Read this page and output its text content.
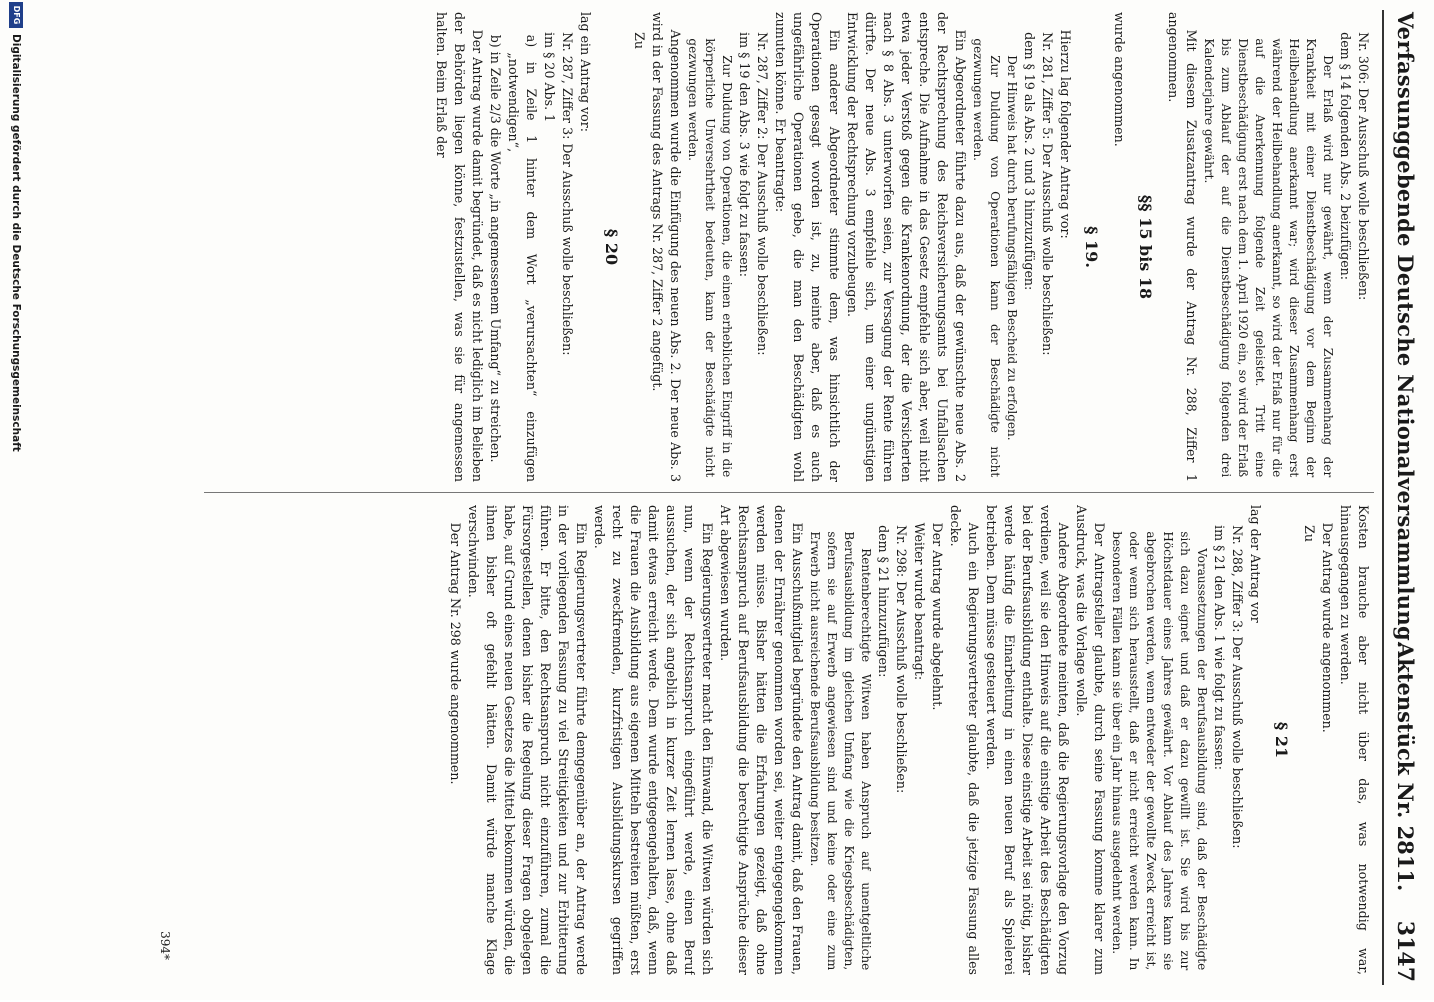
Verfassunggebende Deutsche Nationalversammlung.
Aktenstück Nr. 2811.
3147

Nr. 306: Der Ausschuß wolle beschließen:

dem § 14 folgenden Abs. 2 beizufügen:

Der Erlaß wird nur gewährt, wenn der Zusammenhang der Krankheit mit einer Dienstbeschädigung vor dem Beginn der Heilbehandlung anerkannt war; wird dieser Zusammenhang erst während der Heilbehandlung anerkannt, so wird der Erlaß nur für die auf die Anerkennung folgende Zeit geleistet. Tritt eine Dienstbeschädigung erst nach dem 1. April 1920 ein, so wird der Erlaß bis zum Ablauf der auf die Dienstbeschädigung folgenden drei Kalenderjahre gewährt.

Mit diesem Zusatzantrag wurde der Antrag Nr. 288, Ziffer 1 angenommen.

§§ 15 bis 18

wurde angenommen.

§ 19.

Hierzu lag folgender Antrag vor:

Nr. 281, Ziffer 5: Der Ausschuß wolle beschließen:

dem § 19 als Abs. 2 und 3 hinzuzufügen:

Der Hinweis hat durch berufungsfähigen Bescheid zu erfolgen.

Zur Duldung von Operationen kann der Beschädigte nicht gezwungen werden.

Ein Abgeordneter führte dazu aus, daß der gewünschte neue Abs. 2 der Rechtsprechung des Reichsversicherungsamts bei Unfallsachen entspreche. Die Aufnahme in das Gesetz empfehle sich aber, weil nicht etwa jeder Verstoß gegen die Krankenordnung, der die Versicherten nach § 8 Abs. 3 unterworfen seien, zur Versagung der Rente führen dürfte. Der neue Abs. 3 empfehle sich, um einer ungünstigen Entwicklung der Rechtsprechung vorzubeugen.

Ein anderer Abgeordneter stimmte dem, was hinsichtlich der Operationen gesagt worden ist, zu, meinte aber, daß es auch ungefährliche Operationen gebe, die man den Beschädigten wohl zumuten könne. Er beantragte:

Nr. 287, Ziffer 2: Der Ausschuß wolle beschließen:

im § 19 den Abs. 3 wie folgt zu fassen:

Zur Duldung von Operationen, die einen erheblichen Eingriff in die körperliche Unversehrtheit bedeuten, kann der Beschädigte nicht gezwungen werden.

Angenommen wurde die Einfügung des neuen Abs. 2. Der neue Abs. 3 wird in der Fassung des Antrags Nr. 287, Ziffer 2 angefügt.

Zu

§ 20

lag ein Antrag vor:

Nr. 287, Ziffer 3: Der Ausschuß wolle beschließen:

im § 20 Abs. 1

a) in Zeile 1 hinter dem Wort „verursachten“ einzufügen „notwendigen“,

b) in Zeile 2/3 die Worte „in angemessenem Umfang“ zu streichen.

Der Antrag wurde damit begründet, daß es nicht lediglich im Belieben der Behörden liegen könne, festzustellen, was sie für angemessen halten. Beim Erlaß der

Kosten brauche aber nicht über das, was notwendig war, hinausgegangen zu werden.

Der Antrag wurde angenommen.

Zu

§ 21

lag der Antrag vor

Nr. 288, Ziffer 3: Der Ausschuß wolle beschließen:

im § 21 den Abs. 1 wie folgt zu fassen:

Voraussetzungen der Berufsausbildung sind, daß der Beschädigte sich dazu eignet und daß er dazu gewillt ist. Sie wird bis zur Höchstdauer eines Jahres gewährt. Vor Ablauf des Jahres kann sie abgebrochen werden, wenn entweder der gewollte Zweck erreicht ist, oder wenn sich herausstellt, daß er nicht erreicht werden kann. In besonderen Fällen kann sie über ein Jahr hinaus ausgedehnt werden.

Der Antragsteller glaubte, durch seine Fassung komme klarer zum Ausdruck, was die Vorlage wolle.

Andere Abgeordnete meinten, daß die Regierungsvorlage den Vorzug verdiene, weil sie den Hinweis auf die einstige Arbeit des Beschädigten bei der Berufsausbildung enthalte. Diese einstige Arbeit sei nötig, bisher werde häufig die Einarbeitung in einen neuen Beruf als Spielerei betrieben. Dem müsse gesteuert werden.

Auch ein Regierungsvertreter glaubte, daß die jetzige Fassung alles decke.

Der Antrag wurde abgelehnt.

Weiter wurde beantragt:

Nr. 298: Der Ausschuß wolle beschließen:

dem § 21 hinzuzufügen:

Rentenberechtigte Witwen haben Anspruch auf unentgeltliche Berufsausbildung im gleichen Umfang wie die Kriegsbeschädigten, sofern sie auf Erwerb angewiesen sind und keine oder eine zum Erwerb nicht ausreichende Berufsausbildung besitzen.

Ein Ausschußmitglied begründete den Antrag damit, daß den Frauen, denen der Ernährer genommen worden sei, weiter entgegengekommen werden müsse. Bisher hätten die Erfahrungen gezeigt, daß ohne Rechtsanspruch auf Berufsausbildung die berechtigte Ansprüche dieser Art abgewiesen wurden.

Ein Regierungsvertreter macht den Einwand, die Witwen würden sich nun, wenn der Rechtsanspruch eingeführt werde, einen Beruf aussuchen, der sich angeblich in kurzer Zeit lernen lasse, ohne daß damit etwas erreicht werde. Dem wurde entgegengehalten, daß, wenn die Frauen die Ausbildung aus eigenen Mitteln bestreiten müßten, erst recht zu zweckfremden, kurzfristigen Ausbildungskursen gegriffen werde.

Ein Regierungsvertreter führte demgegenüber an, der Antrag werde in der vorliegenden Fassung zu viel Streitigkeiten und zur Erbitterung führen. Er bitte, den Rechtsanspruch nicht einzuführen, zumal die Fürsorgestellen, denen bisher die Regelung dieser Fragen obgelegen habe, auf Grund eines neuen Gesetzes die Mittel bekommen würden, die ihnen bisher oft gefehlt hätten. Damit würde manche Klage verschwinden.

Der Antrag Nr. 298 wurde angenommen.

394*
DFG
Digitalisierung gefördert durch die Deutsche Forschungsgemeinschaft
